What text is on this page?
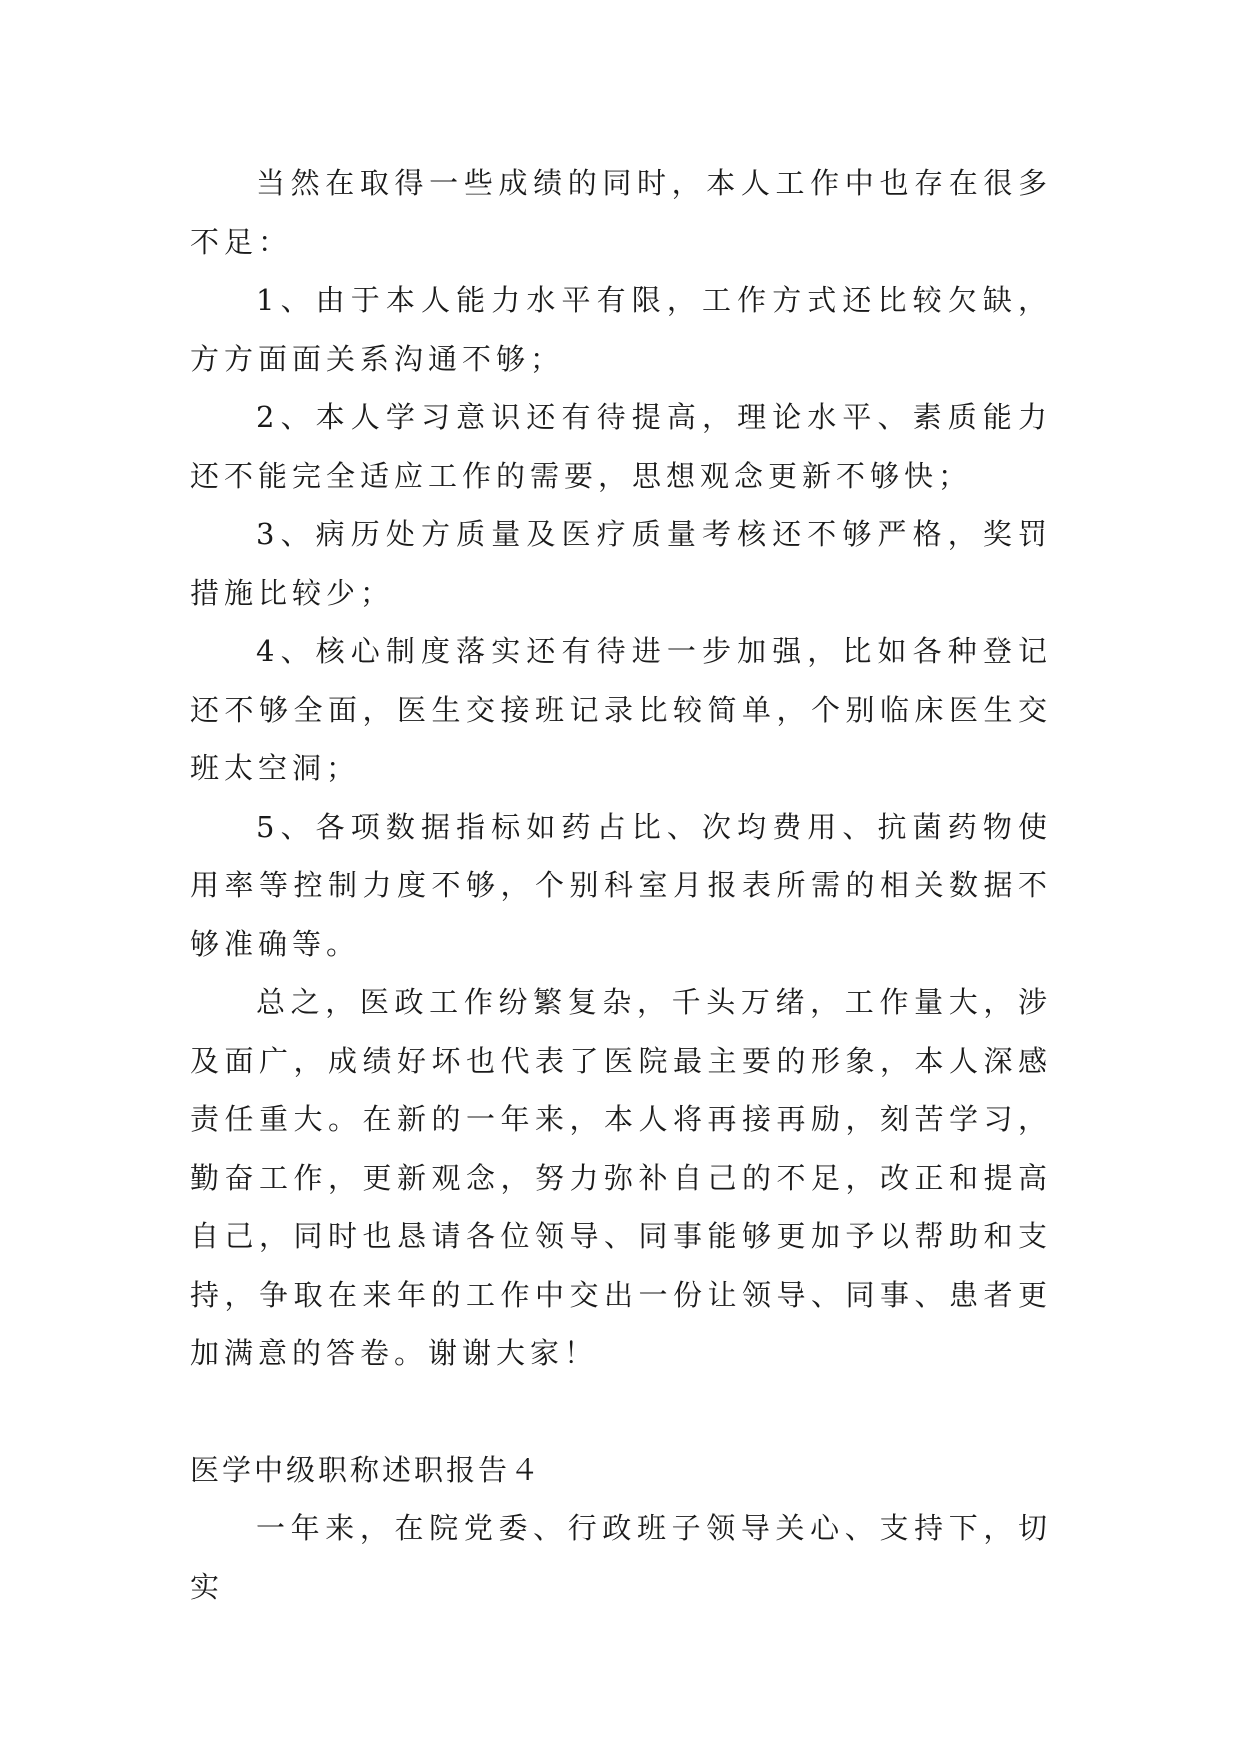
当然在取得一些成绩的同时，本人工作中也存在很多不足：

1、由于本人能力水平有限，工作方式还比较欠缺，方方面面关系沟通不够；

2、本人学习意识还有待提高，理论水平、素质能力还不能完全适应工作的需要，思想观念更新不够快；

3、病历处方质量及医疗质量考核还不够严格，奖罚措施比较少；

4、核心制度落实还有待进一步加强，比如各种登记还不够全面，医生交接班记录比较简单，个别临床医生交班太空洞；

5、各项数据指标如药占比、次均费用、抗菌药物使用率等控制力度不够，个别科室月报表所需的相关数据不够准确等。

总之，医政工作纷繁复杂，千头万绪，工作量大，涉及面广，成绩好坏也代表了医院最主要的形象，本人深感责任重大。在新的一年来，本人将再接再励，刻苦学习，勤奋工作，更新观念，努力弥补自己的不足，改正和提高自己，同时也恳请各位领导、同事能够更加予以帮助和支持，争取在来年的工作中交出一份让领导、同事、患者更加满意的答卷。谢谢大家！

医学中级职称述职报告４

一年来，在院党委、行政班子领导关心、支持下，切实
